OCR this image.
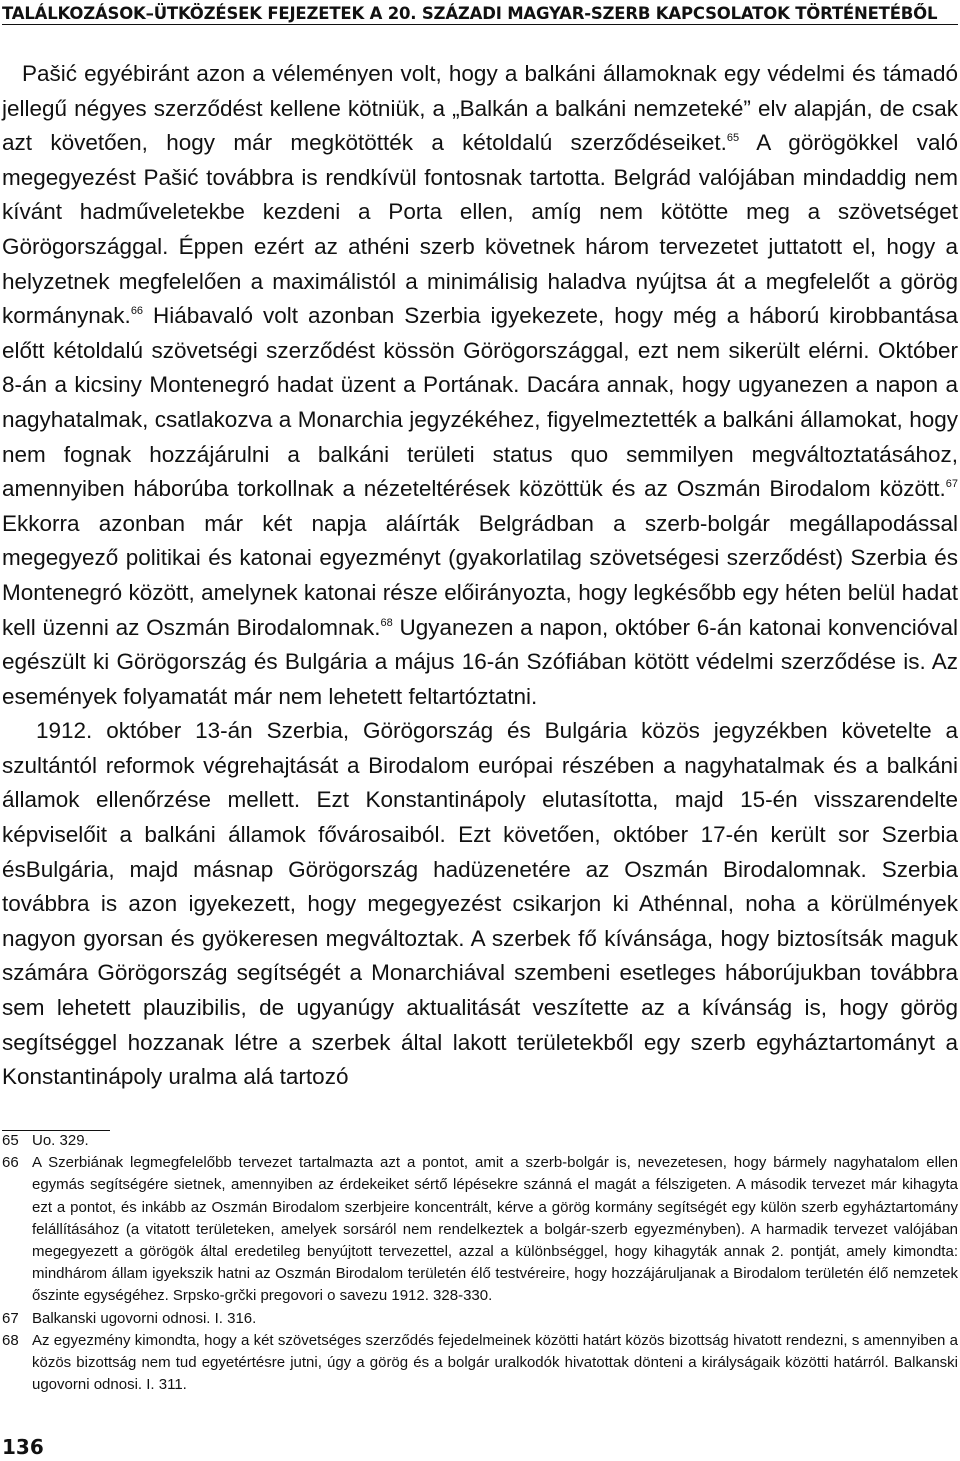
TALÁLKOZÁSOK–ÜTKÖZÉSEK FEJEZETEK A 20. SZÁZADI MAGYAR-SZERB KAPCSOLATOK TÖRTÉNETÉBŐL

Pašić egyébiránt azon a véleményen volt, hogy a balkáni államoknak egy védelmi és támadó jellegű négyes szerződést kellene kötniük, a „Balkán a balkáni nemzeteké” elv alapján, de csak azt követően, hogy már megkötötték a kétoldalú szerződéseiket.$^{65}$ A görögökkel való megegyezést Pašić továbbra is rendkívül fontosnak tartotta. Belgrád valójában mindaddig nem kívánt hadműveletekbe kezdeni a Porta ellen, amíg nem kötötte meg a szövetséget Görögországgal. Éppen ezért az athéni szerb követnek három tervezetet juttatott el, hogy a helyzetnek megfelelően a maximálistól a minimálisig haladva nyújtsa át a megfelelőt a görög kormánynak.$^{66}$ Hiábavaló volt azonban Szerbia igyekezete, hogy még a háború kirobbantása előtt kétoldalú szövetségi szerződést kössön Görögországgal, ezt nem sikerült elérni. Október 8-án a kicsiny Montenegró hadat üzent a Portának. Dacára annak, hogy ugyanezen a napon a nagyhatalmak, csatlakozva a Monarchia jegyzékéhez, figyelmeztették a balkáni államokat, hogy nem fognak hozzájárulni a balkáni területi status quo semmilyen megváltoztatásához, amennyiben háborúba torkollnak a nézeteltérések közöttük és az Oszmán Birodalom között.$^{67}$ Ekkorra azonban már két napja aláírták Belgrádban a szerb-bolgár megállapodással megegyező politikai és katonai egyezményt (gyakorlatilag szövetségesi szerződést) Szerbia és Montenegró között, amelynek katonai része előirányozta, hogy legkésőbb egy héten belül hadat kell üzenni az Oszmán Birodalomnak.$^{68}$ Ugyanezen a napon, október 6-án katonai konvencióval egészült ki Görögország és Bulgária a május 16-án Szófiában kötött védelmi szerződése is. Az események folyamatát már nem lehetett feltartóztatni.

1912. október 13-án Szerbia, Görögország és Bulgária közös jegyzékben követelte a szultántól reformok végrehajtását a Birodalom európai részében a nagyhatalmak és a balkáni államok ellenőrzése mellett. Ezt Konstantinápoly elutasította, majd 15-én visszarendelte képviselőit a balkáni államok fővárosaiból. Ezt követően, október 17-én került sor Szerbia ésBulgária, majd másnap Görögország hadüzenetére az Oszmán Birodalomnak. Szerbia továbbra is azon igyekezett, hogy megegyezést csikarjon ki Athénnal, noha a körülmények nagyon gyorsan és gyökeresen megváltoztak. A szerbek fő kívánsága, hogy biztosítsák maguk számára Görögország segítségét a Monarchiával szembeni esetleges háborújukban továbbra sem lehetett plauzibilis, de ugyanúgy aktualitását veszítette az a kívánság is, hogy görög segítséggel hozzanak létre a szerbek által lakott területekből egy szerb egyháztartományt a Konstantinápoly uralma alá tartozó

65 Uo. 329.
66 A Szerbiának legmegfelelőbb tervezet tartalmazta azt a pontot, amit a szerb-bolgár is, nevezetesen, hogy bármely nagyhatalom ellen egymás segítségére sietnek, amennyiben az érdekeiket sértő lépésekre szánná el magát a félszigeten. A második tervezet már kihagyta ezt a pontot, és inkább az Oszmán Birodalom szerbjeire koncentrált, kérve a görög kormány segítségét egy külön szerb egyháztartomány felállításához (a vitatott területeken, amelyek sorsáról nem rendelkeztek a bolgár-szerb egyezményben). A harmadik tervezet valójában megegyezett a görögök által eredetileg benyújtott tervezettel, azzal a különbséggel, hogy kihagyták annak 2. pontját, amely kimondta: mindhárom állam igyekszik hatni az Oszmán Birodalom területén élő testvéreire, hogy hozzájáruljanak a Birodalom területén élő nemzetek őszinte egységéhez. Srpsko-grčki pregovori o savezu 1912. 328-330.
67 Balkanski ugovorni odnosi. I. 316.
68 Az egyezmény kimondta, hogy a két szövetséges szerződés fejedelmeinek közötti határt közös bizottság hivatott rendezni, s amennyiben a közös bizottság nem tud egyetértésre jutni, úgy a görög és a bolgár uralkodók hivatottak dönteni a királyságaik közötti határról. Balkanski ugovorni odnosi. I. 311.
136
